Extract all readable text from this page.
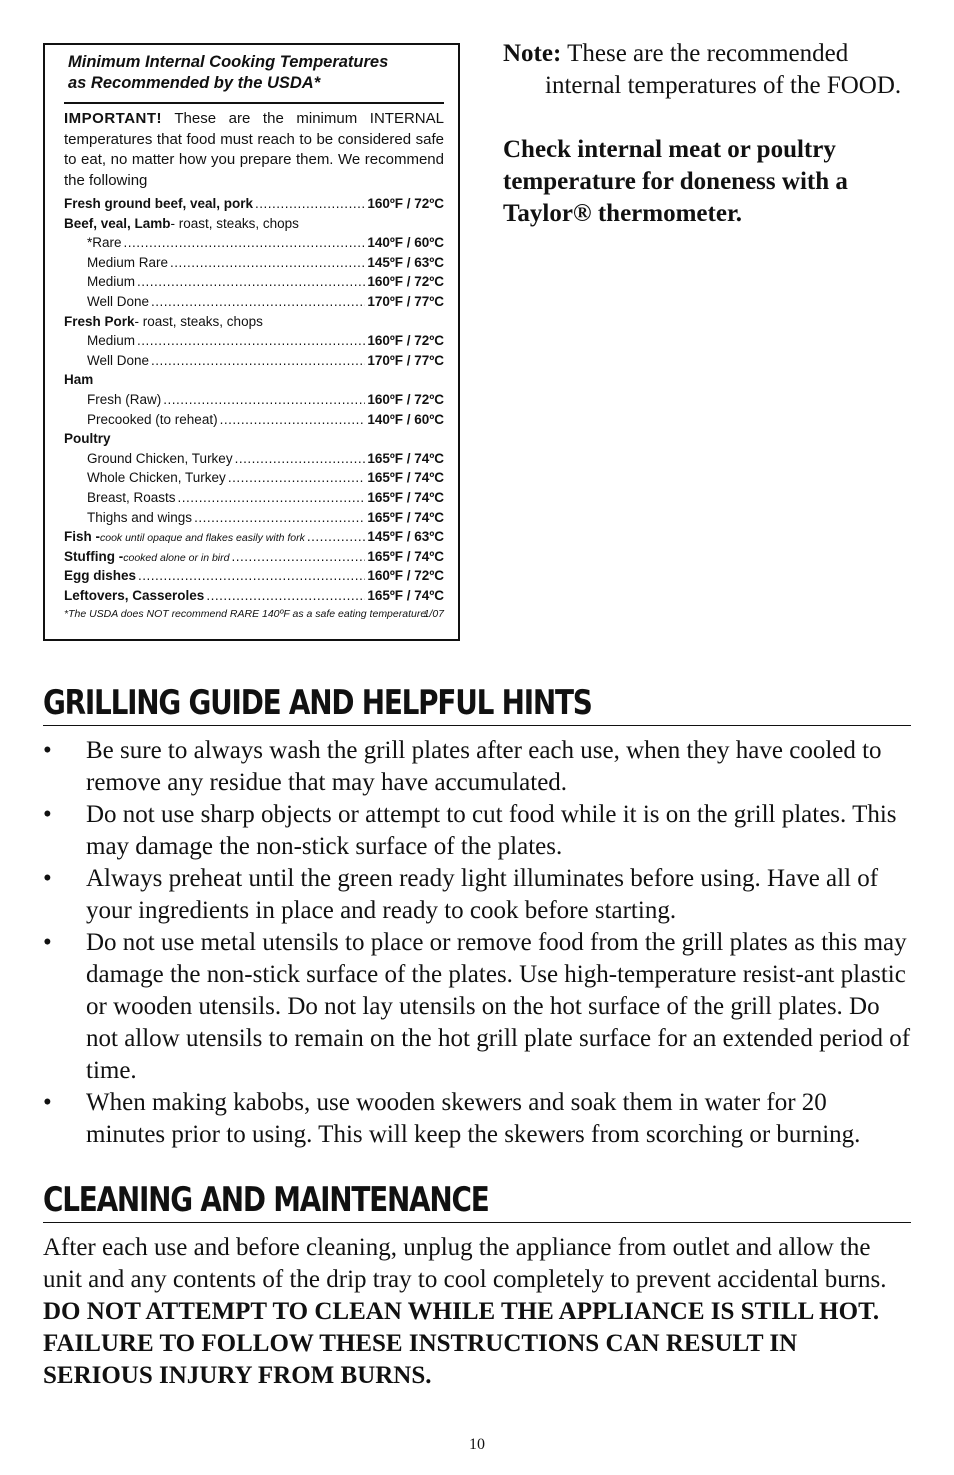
Minimum Internal Cooking Temperatures
as Recommended by the USDA*

IMPORTANT! These are the minimum INTERNAL temperatures that food must reach to be considered safe to eat, no matter how you prepare them. We recommend the following

Fresh ground beef, veal, pork .....	160ºF / 72ºC
Beef, veal, Lamb - roast, steaks, chops
*Rare .....	140ºF / 60ºC
Medium Rare .....	145ºF / 63ºC
Medium .....	160ºF / 72ºC
Well Done .....	170ºF / 77ºC
Fresh Pork - roast, steaks, chops
Medium .....	160ºF / 72ºC
Well Done .....	170ºF / 77ºC
Ham
Fresh (Raw) .....	160ºF / 72ºC
Precooked (to reheat) .....	140ºF / 60ºC
Poultry
Ground Chicken, Turkey .....	165ºF / 74ºC
Whole Chicken, Turkey .....	165ºF / 74ºC
Breast, Roasts .....	165ºF / 74ºC
Thighs and wings .....	165ºF / 74ºC
Fish - cook until opaque and flakes easily with fork .....	145ºF / 63ºC
Stuffing - cooked alone or in bird .....	165ºF / 74ºC
Egg dishes .....	160ºF / 72ºC
Leftovers, Casseroles .....	165ºF / 74ºC
*The USDA does NOT recommend RARE 140ºF as a safe eating temperature.
1/07

Note: These are the recommended internal temperatures of the FOOD.

Check internal meat or poultry temperature for doneness with a Taylor® thermometer.

GRILLING GUIDE AND HELPFUL HINTS
• Be sure to always wash the grill plates after each use, when they have cooled to remove any residue that may have accumulated.
• Do not use sharp objects or attempt to cut food while it is on the grill plates. This may damage the non-stick surface of the plates.
• Always preheat until the green ready light illuminates before using. Have all of your ingredients in place and ready to cook before starting.
• Do not use metal utensils to place or remove food from the grill plates as this may damage the non-stick surface of the plates. Use high-temperature resist-ant plastic or wooden utensils. Do not lay utensils on the hot surface of the grill plates. Do not allow utensils to remain on the hot grill plate surface for an extended period of time.
• When making kabobs, use wooden skewers and soak them in water for 20 minutes prior to using. This will keep the skewers from scorching or burning.
CLEANING AND MAINTENANCE

After each use and before cleaning, unplug the appliance from outlet and allow the unit and any contents of the drip tray to cool completely to prevent accidental burns. DO NOT ATTEMPT TO CLEAN WHILE THE APPLIANCE IS STILL HOT. FAILURE TO FOLLOW THESE INSTRUCTIONS CAN RESULT IN SERIOUS INJURY FROM BURNS.

10
